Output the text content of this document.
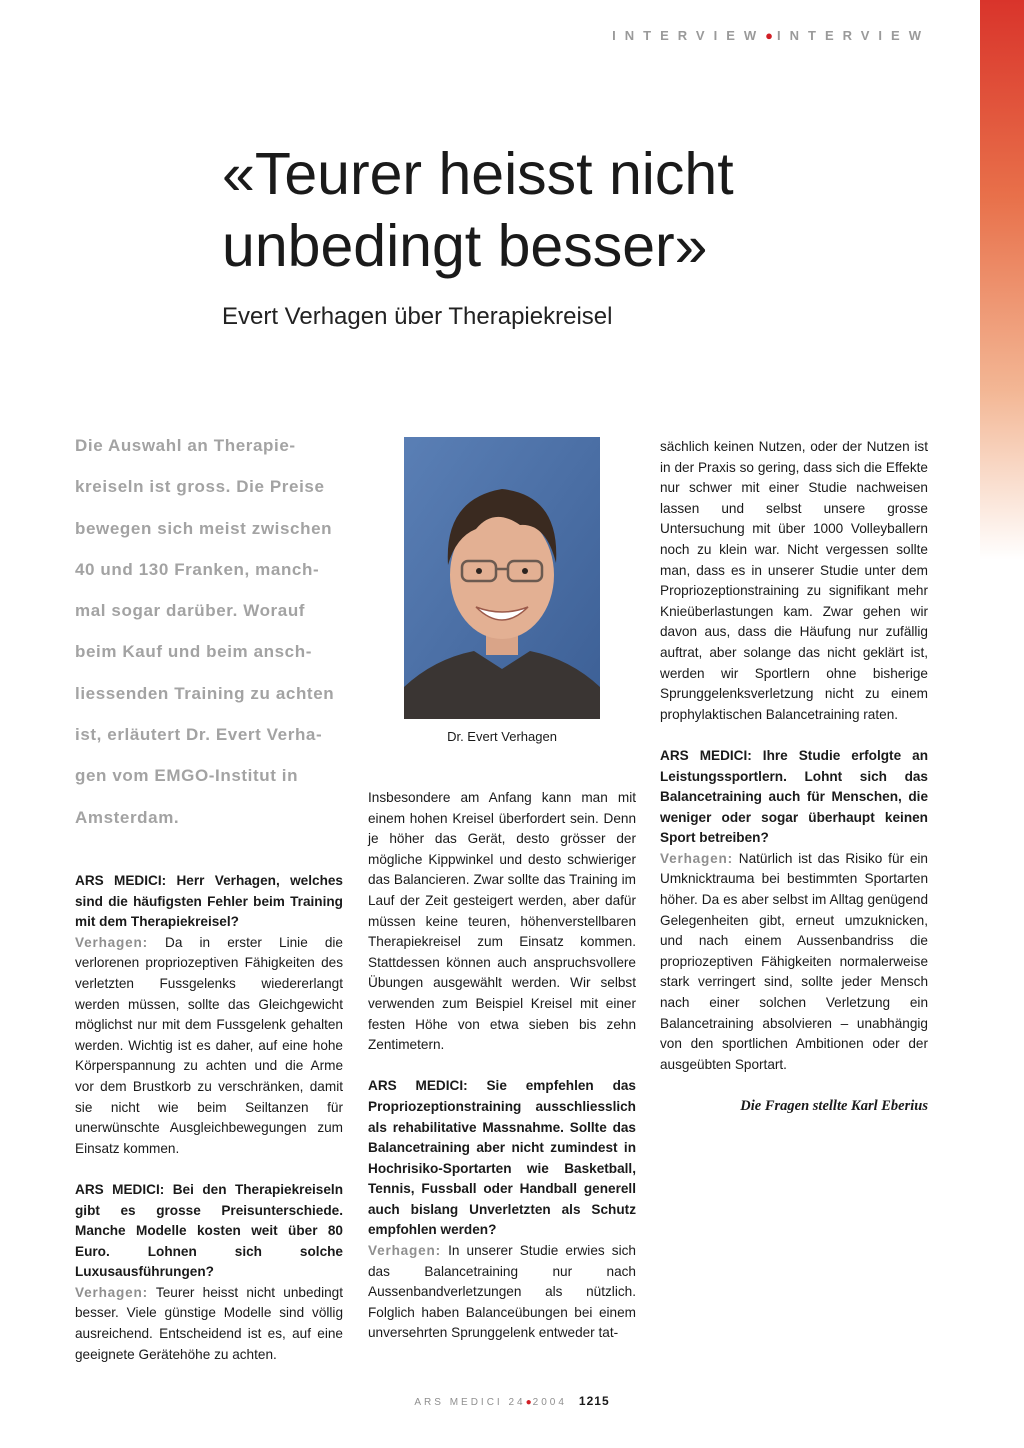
INTERVIEW●INTERVIEW
«Teurer heisst nicht
unbedingt besser»
Evert Verhagen über Therapiekreisel
Die Auswahl an Therapie-
kreiseln ist gross. Die Preise
bewegen sich meist zwischen
40 und 130 Franken, manch-
mal sogar darüber. Worauf
beim Kauf und beim ansch-
liessenden Training zu achten
ist, erläutert Dr. Evert Verha-
gen vom EMGO-Institut in
Amsterdam.
Dr. Evert Verhagen

ARS MEDICI: Herr Verhagen, welches sind die häufigsten Fehler beim Training mit dem Therapiekreisel?

Verhagen: Da in erster Linie die verlorenen propriozeptiven Fähigkeiten des verletzten Fussgelenks wiedererlangt werden müssen, sollte das Gleichgewicht möglichst nur mit dem Fussgelenk gehalten werden. Wichtig ist es daher, auf eine hohe Körperspannung zu achten und die Arme vor dem Brustkorb zu verschränken, damit sie nicht wie beim Seiltanzen für unerwünschte Ausgleichbewegungen zum Einsatz kommen.

ARS MEDICI: Bei den Therapiekreiseln gibt es grosse Preisunterschiede. Manche Modelle kosten weit über 80 Euro. Lohnen sich solche Luxusausführungen?

Verhagen: Teurer heisst nicht unbedingt besser. Viele günstige Modelle sind völlig ausreichend. Entscheidend ist es, auf eine geeignete Gerätehöhe zu achten.

Insbesondere am Anfang kann man mit einem hohen Kreisel überfordert sein. Denn je höher das Gerät, desto grösser der mögliche Kippwinkel und desto schwieriger das Balancieren. Zwar sollte das Training im Lauf der Zeit gesteigert werden, aber dafür müssen keine teuren, höhenverstellbaren Therapiekreisel zum Einsatz kommen. Stattdessen können auch anspruchsvollere Übungen ausgewählt werden. Wir selbst verwenden zum Beispiel Kreisel mit einer festen Höhe von etwa sieben bis zehn Zentimetern.

ARS MEDICI: Sie empfehlen das Propriozeptionstraining ausschliesslich als rehabilitative Massnahme. Sollte das Balancetraining aber nicht zumindest in Hochrisiko-Sportarten wie Basketball, Tennis, Fussball oder Handball generell auch bislang Unverletzten als Schutz empfohlen werden?

Verhagen: In unserer Studie erwies sich das Balancetraining nur nach Aussenbandverletzungen als nützlich. Folglich haben Balanceübungen bei einem unversehrten Sprunggelenk entweder tat-

sächlich keinen Nutzen, oder der Nutzen ist in der Praxis so gering, dass sich die Effekte nur schwer mit einer Studie nachweisen lassen und selbst unsere grosse Untersuchung mit über 1000 Volleyballern noch zu klein war. Nicht vergessen sollte man, dass es in unserer Studie unter dem Propriozeptionstraining zu signifikant mehr Knieüberlastungen kam. Zwar gehen wir davon aus, dass die Häufung nur zufällig auftrat, aber solange das nicht geklärt ist, werden wir Sportlern ohne bisherige Sprunggelenksverletzung nicht zu einem prophylaktischen Balancetraining raten.

ARS MEDICI: Ihre Studie erfolgte an Leistungssportlern. Lohnt sich das Balancetraining auch für Menschen, die weniger oder sogar überhaupt keinen Sport betreiben?

Verhagen: Natürlich ist das Risiko für ein Umknicktrauma bei bestimmten Sportarten höher. Da es aber selbst im Alltag genügend Gelegenheiten gibt, erneut umzuknicken, und nach einem Aussenbandriss die propriozeptiven Fähigkeiten normalerweise stark verringert sind, sollte jeder Mensch nach einer solchen Verletzung ein Balancetraining absolvieren – unabhängig von den sportlichen Ambitionen oder der ausgeübten Sportart.

Die Fragen stellte Karl Eberius

ARS MEDICI 24●2004 1215
